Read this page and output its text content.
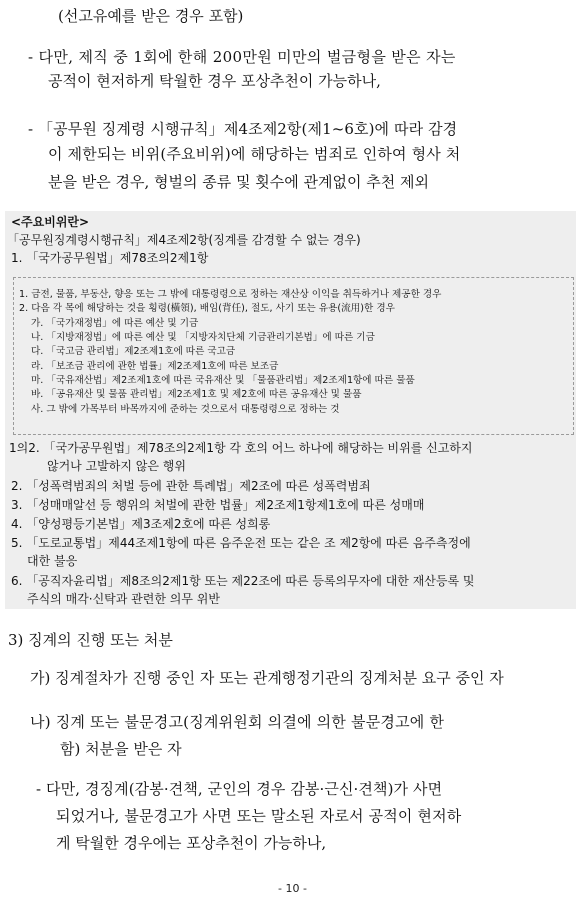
(선고유예를 받은 경우 포함)
- 다만, 제직 중 1회에 한해 200만원 미만의 벌금형을 받은 자는
공적이 현저하게 탁월한 경우 포상추천이 가능하나,
- 「공무원 징계령 시행규칙」제4조제2항(제1~6호)에 따라 감경
이 제한되는 비위(주요비위)에 해당하는 범죄로 인하여 형사 처
분을 받은 경우, 형벌의 종류 및 횟수에 관계없이 추천 제외
<주요비위란>
「공무원징계령시행규칙」제4조제2항(징계를 감경할 수 없는 경우)
1. 「국가공무원법」제78조의2제1항
1. 금전, 물품, 부동산, 향응 또는 그 밖에 대통령령으로 정하는 재산상 이익을 취득하거나 제공한 경우
2. 다음 각 목에 해당하는 것을 횡령(橫領), 배임(背任), 절도, 사기 또는 유용(流用)한 경우
가. 「국가재정법」에 따른 예산 및 기금
나. 「지방재정법」에 따른 예산 및 「지방자치단체 기금관리기본법」에 따른 기금
다. 「국고금 관리법」제2조제1호에 따른 국고금
라. 「보조금 관리에 관한 법률」제2조제1호에 따른 보조금
마. 「국유재산법」제2조제1호에 따른 국유재산 및 「물품관리법」제2조제1항에 따른 물품
바. 「공유재산 및 물품 관리법」제2조제1호 및 제2호에 따른 공유재산 및 물품
사. 그 밖에 가목부터 바목까지에 준하는 것으로서 대통령령으로 정하는 것
1의2. 「국가공무원법」제78조의2제1항 각 호의 어느 하나에 해당하는 비위를 신고하지
않거나 고발하지 않은 행위
2. 「성폭력범죄의 처벌 등에 관한 특례법」제2조에 따른 성폭력범죄
3. 「성매매알선 등 행위의 처벌에 관한 법률」제2조제1항제1호에 따른 성매매
4. 「양성평등기본법」제3조제2호에 따른 성희롱
5. 「도로교통법」제44조제1항에 따른 음주운전 또는 같은 조 제2항에 따른 음주측정에
대한 불응
6. 「공직자윤리법」제8조의2제1항 또는 제22조에 따른 등록의무자에 대한 재산등록 및
주식의 매각·신탁과 관련한 의무 위반
3) 징계의 진행 또는 처분
가) 징계절차가 진행 중인 자 또는 관계행정기관의 징계처분 요구 중인 자
나) 징계 또는 불문경고(징계위원회 의결에 의한 불문경고에 한
함) 처분을 받은 자
- 다만, 경징계(감봉·견책, 군인의 경우 감봉·근신·견책)가 사면
되었거나, 불문경고가 사면 또는 말소된 자로서 공적이 현저하
게 탁월한 경우에는 포상추천이 가능하나,
- 10 -
